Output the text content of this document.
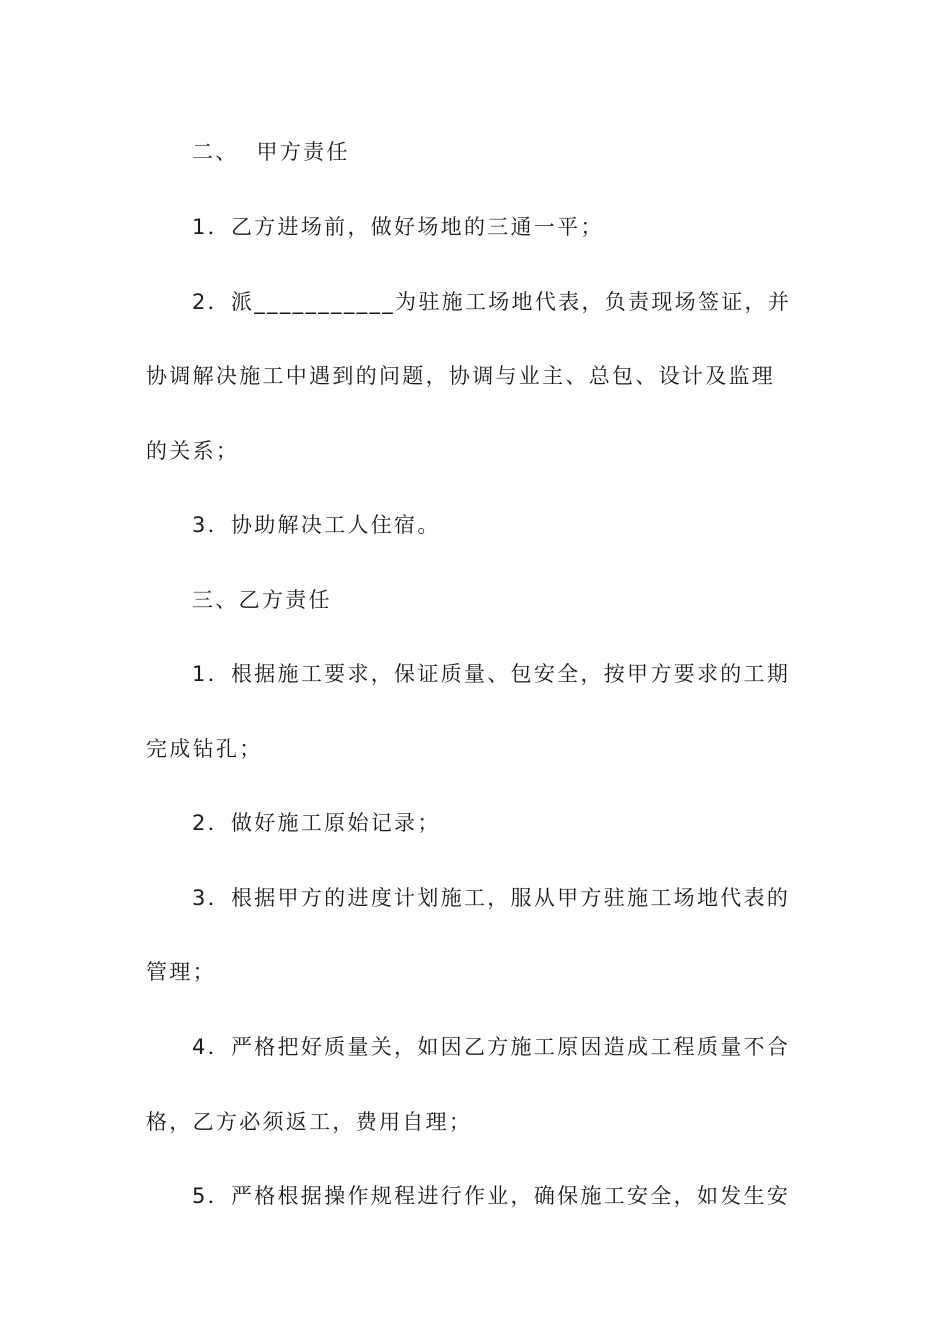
二、  甲方责任
1．乙方进场前，做好场地的三通一平；
2．派___________为驻施工场地代表，负责现场签证，并
协调解决施工中遇到的问题，协调与业主、总包、设计及监理
的关系；
3．协助解决工人住宿。
三、乙方责任
1．根据施工要求，保证质量、包安全，按甲方要求的工期
完成钻孔；
2．做好施工原始记录；
3．根据甲方的进度计划施工，服从甲方驻施工场地代表的
管理；
4．严格把好质量关，如因乙方施工原因造成工程质量不合
格，乙方必须返工，费用自理；
5．严格根据操作规程进行作业，确保施工安全，如发生安
